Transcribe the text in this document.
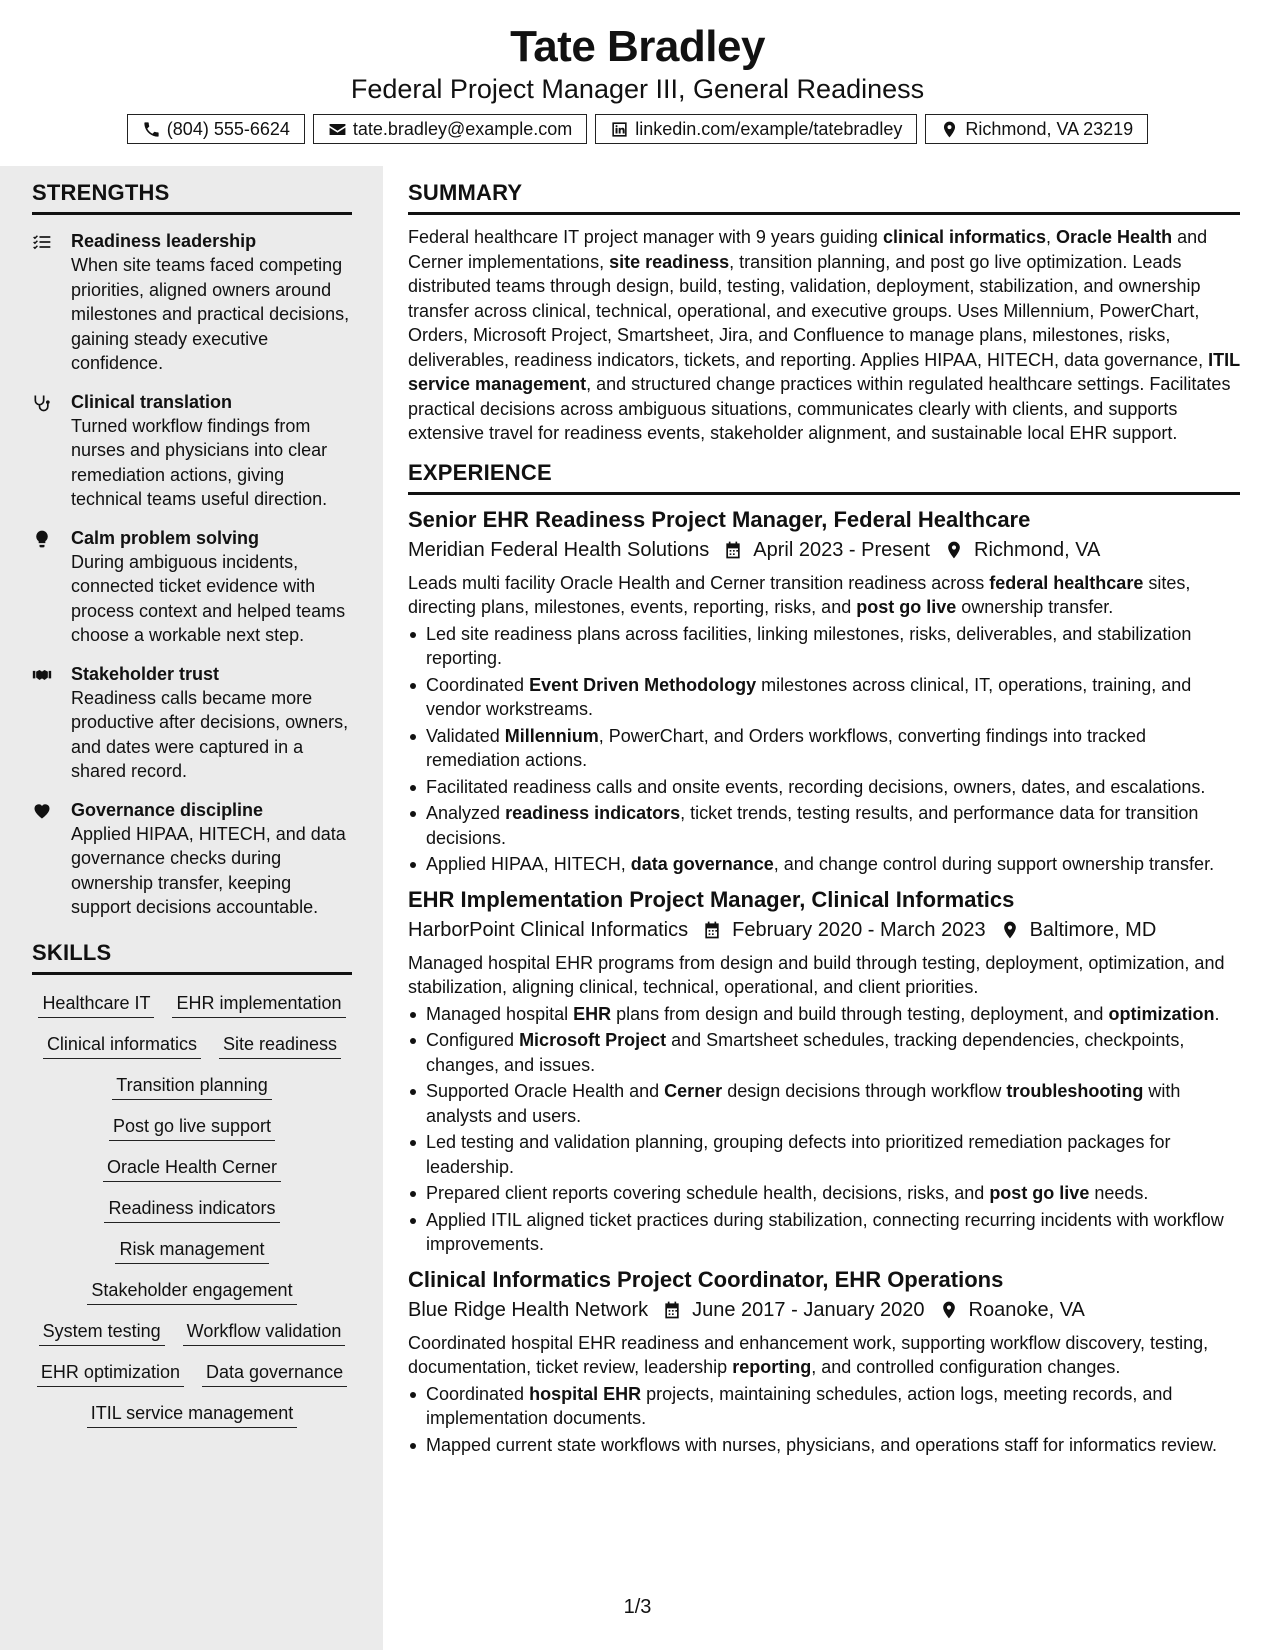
Tate Bradley
Federal Project Manager III, General Readiness
(804) 555-6624	tate.bradley@example.com	linkedin.com/example/tatebradley	Richmond, VA 23219
STRENGTHS
Readiness leadership
When site teams faced competing priorities, aligned owners around milestones and practical decisions, gaining steady executive confidence.
Clinical translation
Turned workflow findings from nurses and physicians into clear remediation actions, giving technical teams useful direction.
Calm problem solving
During ambiguous incidents, connected ticket evidence with process context and helped teams choose a workable next step.
Stakeholder trust
Readiness calls became more productive after decisions, owners, and dates were captured in a shared record.
Governance discipline
Applied HIPAA, HITECH, and data governance checks during ownership transfer, keeping support decisions accountable.
SKILLS
Healthcare IT EHR implementation
Clinical informatics Site readiness
Transition planning
Post go live support
Oracle Health Cerner
Readiness indicators
Risk management
Stakeholder engagement
System testing Workflow validation
EHR optimization Data governance
ITIL service management
SUMMARY
Federal healthcare IT project manager with 9 years guiding clinical informatics, Oracle Health and Cerner implementations, site readiness, transition planning, and post go live optimization. Leads distributed teams through design, build, testing, validation, deployment, stabilization, and ownership transfer across clinical, technical, operational, and executive groups. Uses Millennium, PowerChart, Orders, Microsoft Project, Smartsheet, Jira, and Confluence to manage plans, milestones, risks, deliverables, readiness indicators, tickets, and reporting. Applies HIPAA, HITECH, data governance, ITIL service management, and structured change practices within regulated healthcare settings. Facilitates practical decisions across ambiguous situations, communicates clearly with clients, and supports extensive travel for readiness events, stakeholder alignment, and sustainable local EHR support.
EXPERIENCE
Senior EHR Readiness Project Manager, Federal Healthcare
Meridian Federal Health Solutions April 2023 - Present Richmond, VA
Leads multi facility Oracle Health and Cerner transition readiness across federal healthcare sites, directing plans, milestones, events, reporting, risks, and post go live ownership transfer.
Led site readiness plans across facilities, linking milestones, risks, deliverables, and stabilization reporting.
Coordinated Event Driven Methodology milestones across clinical, IT, operations, training, and vendor workstreams.
Validated Millennium, PowerChart, and Orders workflows, converting findings into tracked remediation actions.
Facilitated readiness calls and onsite events, recording decisions, owners, dates, and escalations.
Analyzed readiness indicators, ticket trends, testing results, and performance data for transition decisions.
Applied HIPAA, HITECH, data governance, and change control during support ownership transfer.
EHR Implementation Project Manager, Clinical Informatics
HarborPoint Clinical Informatics February 2020 - March 2023 Baltimore, MD
Managed hospital EHR programs from design and build through testing, deployment, optimization, and stabilization, aligning clinical, technical, operational, and client priorities.
Managed hospital EHR plans from design and build through testing, deployment, and optimization.
Configured Microsoft Project and Smartsheet schedules, tracking dependencies, checkpoints, changes, and issues.
Supported Oracle Health and Cerner design decisions through workflow troubleshooting with analysts and users.
Led testing and validation planning, grouping defects into prioritized remediation packages for leadership.
Prepared client reports covering schedule health, decisions, risks, and post go live needs.
Applied ITIL aligned ticket practices during stabilization, connecting recurring incidents with workflow improvements.
Clinical Informatics Project Coordinator, EHR Operations
Blue Ridge Health Network June 2017 - January 2020 Roanoke, VA
Coordinated hospital EHR readiness and enhancement work, supporting workflow discovery, testing, documentation, ticket review, leadership reporting, and controlled configuration changes.
Coordinated hospital EHR projects, maintaining schedules, action logs, meeting records, and implementation documents.
Mapped current state workflows with nurses, physicians, and operations staff for informatics review.
1/3
